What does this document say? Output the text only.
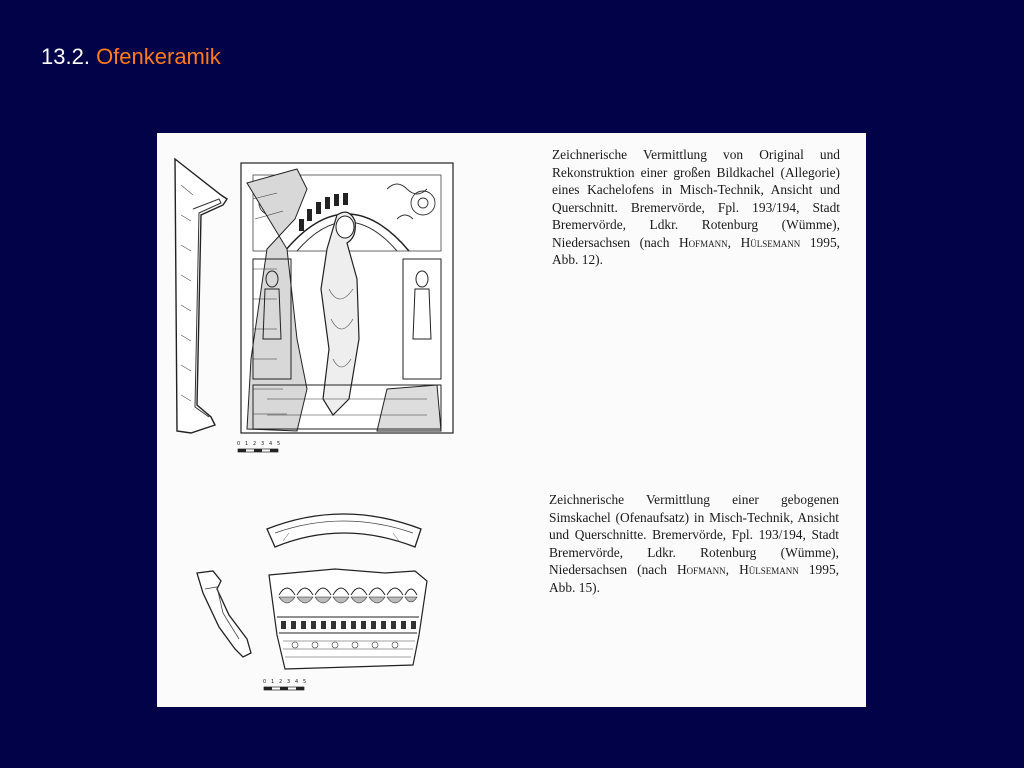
13.2. Ofenkeramik
0 1 2 3 4 5
Zeichnerische Vermittlung von Original und Rekonstruktion einer großen Bildkachel (Allegorie) eines Kachelofens in Misch-Technik, Ansicht und Querschnitt. Bremervörde, Fpl. 193/194, Stadt Bremervörde, Ldkr. Rotenburg (Wümme), Niedersachsen (nach Hofmann, Hülsemann 1995, Abb. 12).
0 1 2 3 4 5
Zeichnerische Vermittlung einer gebogenen Simskachel (Ofenaufsatz) in Misch-Technik, Ansicht und Querschnitte. Bremervörde, Fpl. 193/194, Stadt Bremervörde, Ldkr. Rotenburg (Wümme), Niedersachsen (nach Hofmann, Hülsemann 1995, Abb. 15).
